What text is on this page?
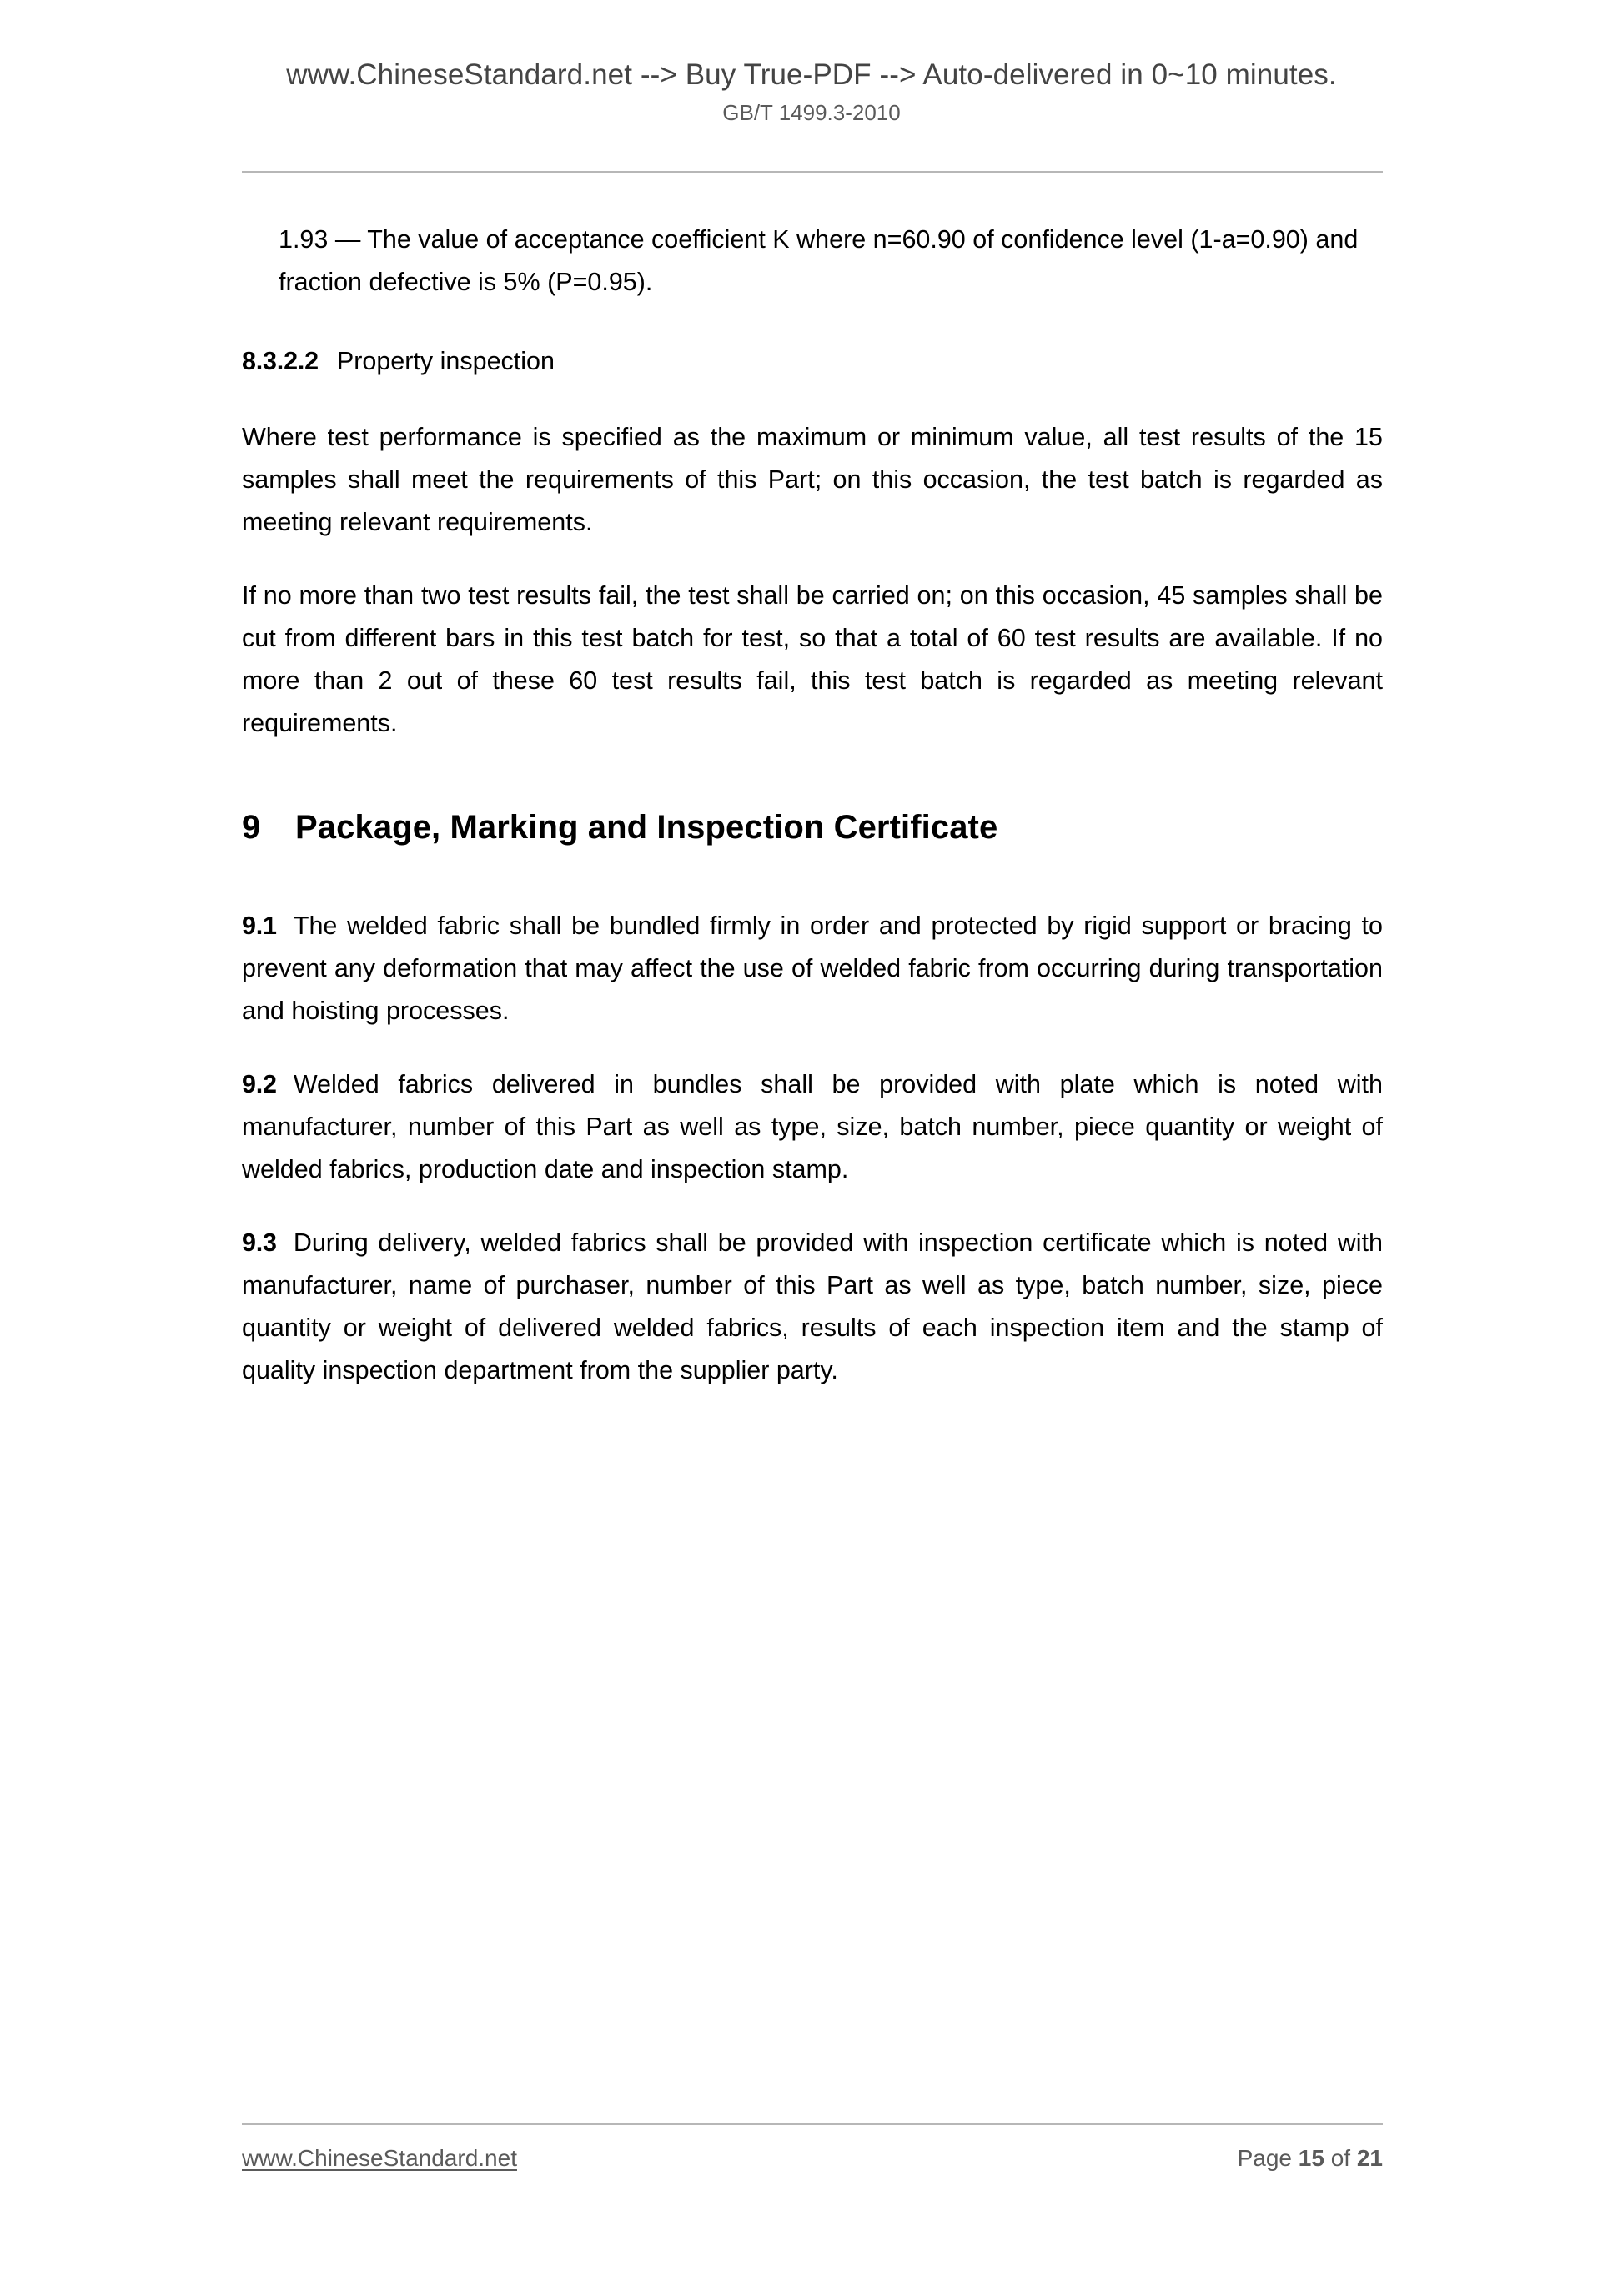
www.ChineseStandard.net --> Buy True-PDF --> Auto-delivered in 0~10 minutes.
GB/T 1499.3-2010

1.93 — The value of acceptance coefficient K where n=60.90 of confidence level (1-a=0.90) and fraction defective is 5% (P=0.95).

8.3.2.2 Property inspection

Where test performance is specified as the maximum or minimum value, all test results of the 15 samples shall meet the requirements of this Part; on this occasion, the test batch is regarded as meeting relevant requirements.

If no more than two test results fail, the test shall be carried on; on this occasion, 45 samples shall be cut from different bars in this test batch for test, so that a total of 60 test results are available. If no more than 2 out of these 60 test results fail, this test batch is regarded as meeting relevant requirements.

9 Package, Marking and Inspection Certificate

9.1 The welded fabric shall be bundled firmly in order and protected by rigid support or bracing to prevent any deformation that may affect the use of welded fabric from occurring during transportation and hoisting processes.

9.2 Welded fabrics delivered in bundles shall be provided with plate which is noted with manufacturer, number of this Part as well as type, size, batch number, piece quantity or weight of welded fabrics, production date and inspection stamp.

9.3 During delivery, welded fabrics shall be provided with inspection certificate which is noted with manufacturer, name of purchaser, number of this Part as well as type, batch number, size, piece quantity or weight of delivered welded fabrics, results of each inspection item and the stamp of quality inspection department from the supplier party.

www.ChineseStandard.net	Page 15 of 21
